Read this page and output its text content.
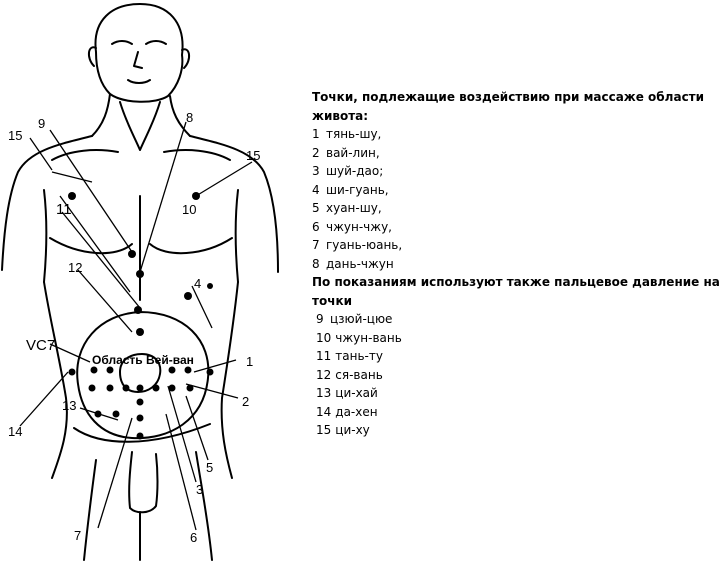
9	8
15
15
11	10
12
4
VC7
Область Вей-ван	1
2
13
14
5
3
7	6
Точки, подлежащие воздействию при массаже области живота:
1 тянь-шу,
2 вай-лин,
3 шуй-дао;
4 ши-гуань,
5 хуан-шу,
6 чжун-чжу,
7 гуань-юань,
8 дань-чжун
По показаниям используют также пальцевое давление на точки
9 цзюй-цюе
10 чжун-вань
11 тань-ту
12 ся-вань
13 ци-хай
14 да-хен
15 ци-ху
